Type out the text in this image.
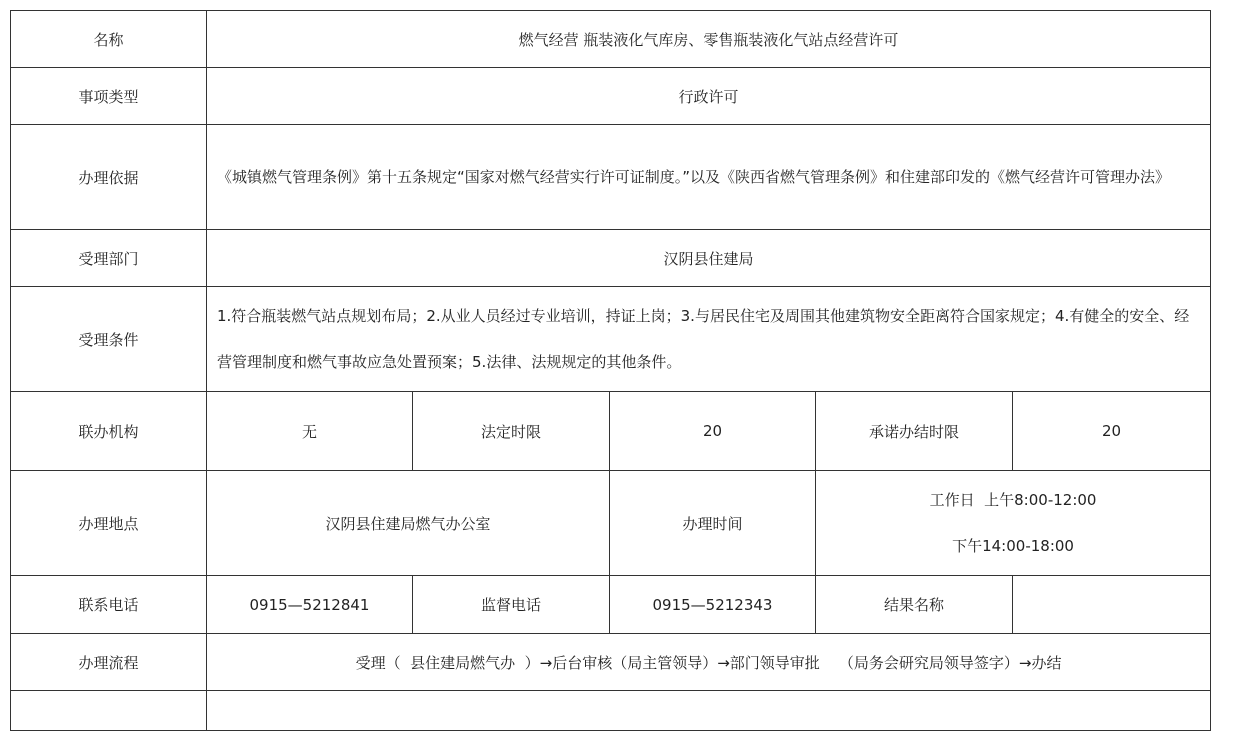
名称	燃气经营 瓶装液化气库房、零售瓶装液化气站点经营许可				
事项类型	行政许可				
办理依据	《城镇燃气管理条例》第十五条规定“国家对燃气经营实行许可证制度。”以及《陕西省燃气管理条例》和住建部印发的《燃气经营许可管理办法》				
受理部门	汉阴县住建局				
受理条件	1.符合瓶装燃气站点规划布局；2.从业人员经过专业培训，持证上岗；3.与居民住宅及周围其他建筑物安全距离符合国家规定；4.有健全的安全、经营管理制度和燃气事故应急处置预案；5.法律、法规规定的其他条件。				
联办机构	无	法定时限	20	承诺办结时限	20
办理地点	汉阴县住建局燃气办公室		办理时间	工作日  上午8:00-12:00
下午14:00-18:00	

联系电话	0915—5212841	监督电话	0915—5212343	结果名称	
办理流程	受理（  县住建局燃气办  ）→后台审核（局主管领导）→部门领导审批    （局务会研究局领导签字）→办结				
